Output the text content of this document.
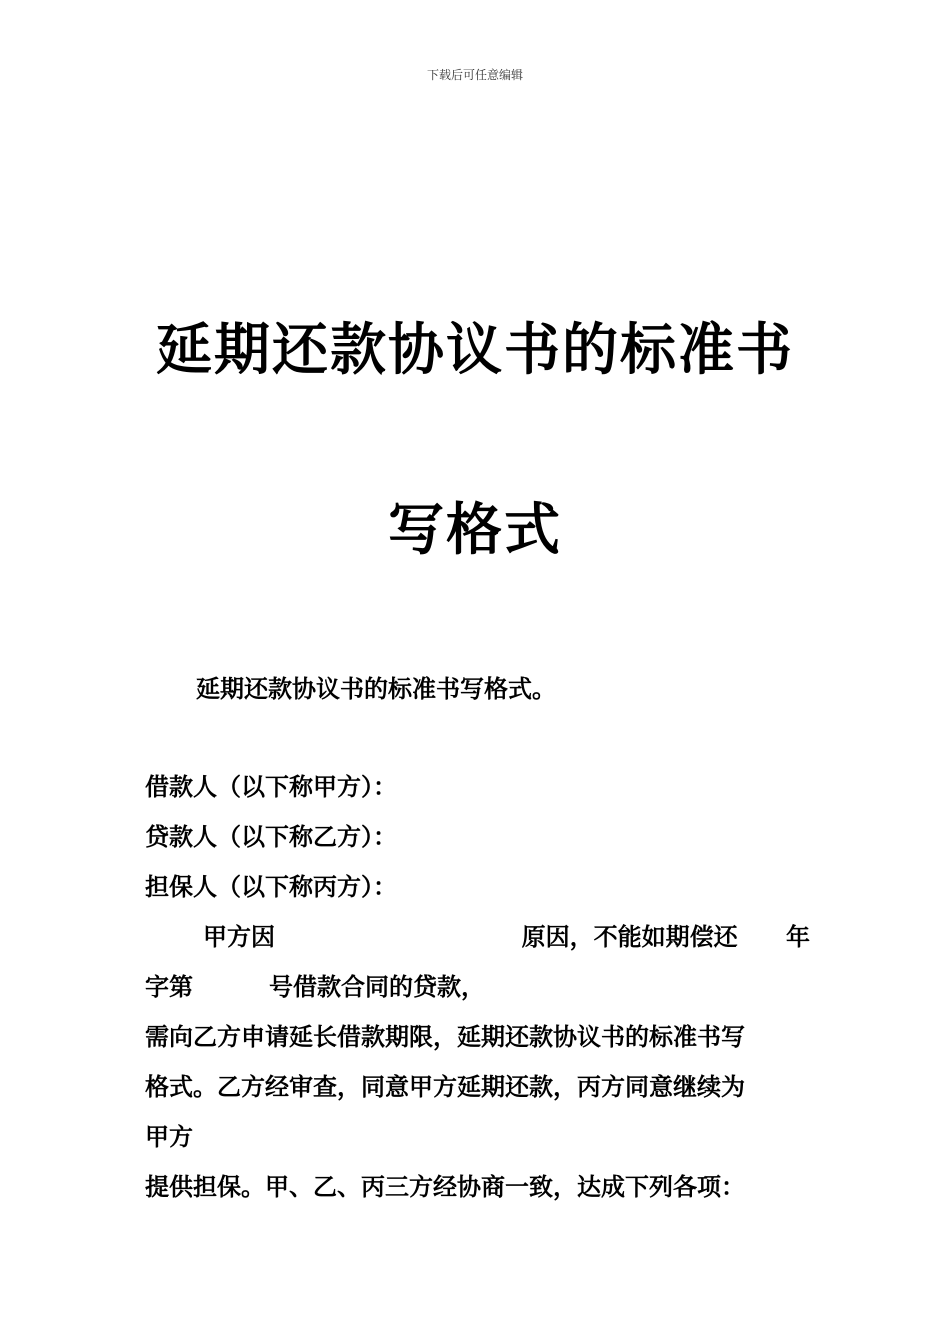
下载后可任意编辑
延期还款协议书的标准书
写格式
延期还款协议书的标准书写格式。
借款人（以下称甲方）：
贷款人（以下称乙方）：
担保人（以下称丙方）：
甲方因	原因，不能如期偿还 年
字第	号借款合同的贷款，
需向乙方申请延长借款期限，延期还款协议书的标准书写
格式。乙方经审查，同意甲方延期还款，丙方同意继续为
甲方
提供担保。甲、乙、丙三方经协商一致，达成下列各项：
